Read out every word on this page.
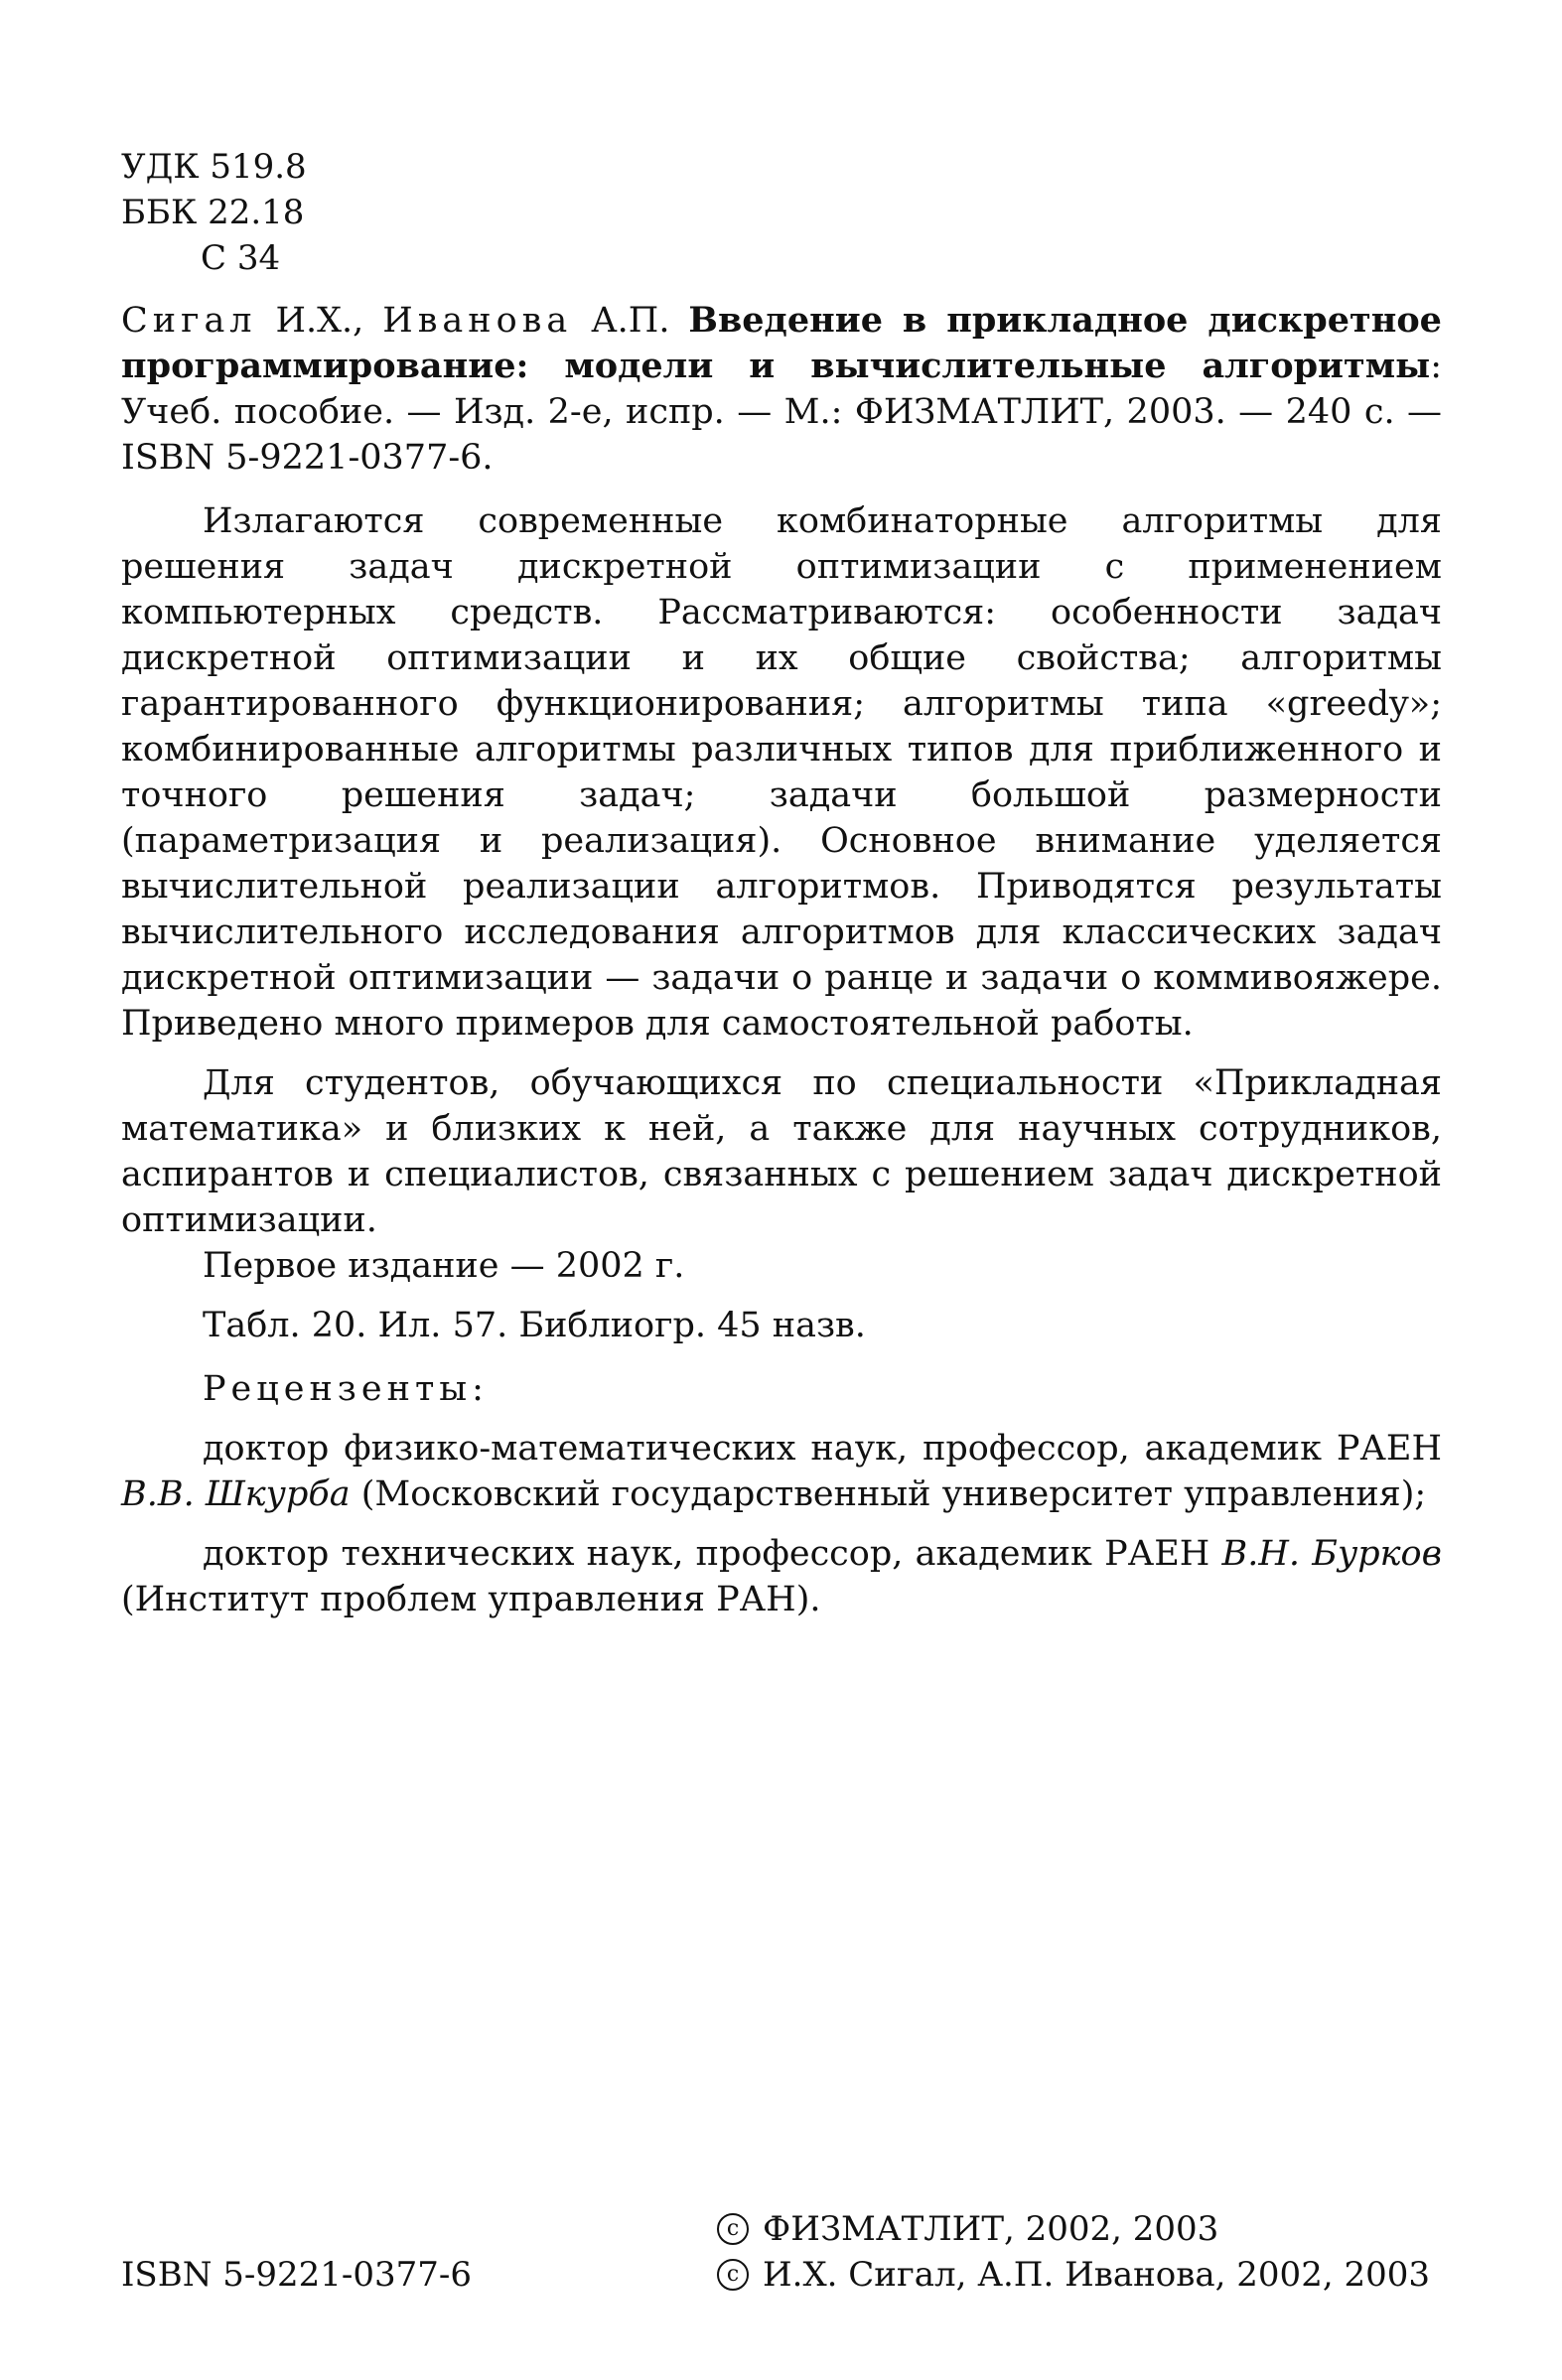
УДК 519.8
ББК 22.18
С 34
Сигал И.Х., Иванова А.П. Введение в прикладное дискретное программирование: модели и вычислительные алгоритмы: Учеб. пособие. — Изд. 2-е, испр. — М.: ФИЗМАТЛИТ, 2003. — 240 с. — ISBN 5-9221-0377-6.

Излагаются современные комбинаторные алгоритмы для решения задач дискретной оптимизации с применением компьютерных средств. Рассматриваются: особенности задач дискретной оптимизации и их общие свойства; алгоритмы гарантированного функционирования; алгоритмы типа «greedy»; комбинированные алгоритмы различных типов для приближенного и точного решения задач; задачи большой размерности (параметризация и реализация). Основное внимание уделяется вычислительной реализации алгоритмов. Приводятся результаты вычислительного исследования алгоритмов для классических задач дискретной оптимизации — задачи о ранце и задачи о коммивояжере. Приведено много примеров для самостоятельной работы.

Для студентов, обучающихся по специальности «Прикладная математика» и близких к ней, а также для научных сотрудников, аспирантов и специалистов, связанных с решением задач дискретной оптимизации.

Первое издание — 2002 г.

Табл. 20. Ил. 57. Библиогр. 45 назв.

Рецензенты:

доктор физико-математических наук, профессор, академик РАЕН В.В. Шкурба (Московский государственный университет управления);

доктор технических наук, профессор, академик РАЕН В.Н. Бурков (Институт проблем управления РАН).

ISBN 5-9221-0377-6
c ФИЗМАТЛИТ, 2002, 2003
c И.Х. Сигал, А.П. Иванова, 2002, 2003
